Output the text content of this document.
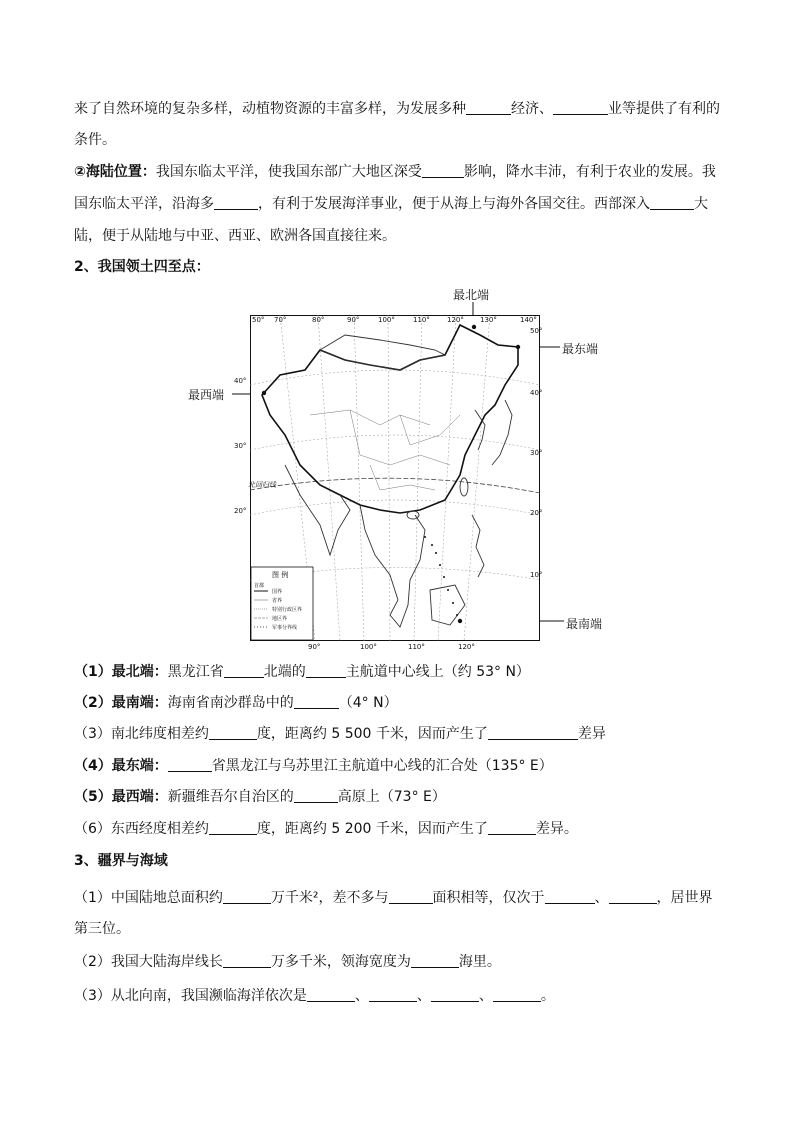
来了自然环境的复杂多样，动植物资源的丰富多样，为发展多种	经济、	业等提供了有利的
条件。
②海陆位置：我国东临太平洋，使我国东部广大地区深受	影响，降水丰沛，有利于农业的发展。我
国东临太平洋，沿海多	，有利于发展海洋事业，便于从海上与海外各国交往。西部深入	大
陆，便于从陆地与中亚、西亚、欧洲各国直接往来。
2、我国领土四至点：
最北端
最东端
最西端
最南端
50° 70°	80°	90°	100°	110° 120° 130°	140°
90°	100°	110°	120°
40°
30°
20°
50°
40°
30°
20°
10°
北回归线
图 例
首都
国界
省界
特别行政区界
地区界
军事分界线
（1）最北端：黑龙江省	北端的	主航道中心线上（约 53° N）
（2）最南端：海南省南沙群岛中的	（4° N）
（3）南北纬度相差约	度，距离约 5 500 千米，因而产生了	差异
（4）最东端：	省黑龙江与乌苏里江主航道中心线的汇合处（135° E）
（5）最西端：新疆维吾尔自治区的	高原上（73° E）
（6）东西经度相差约	度，距离约 5 200 千米，因而产生了	差异。
3、疆界与海域
（1）中国陆地总面积约	万千米²，差不多与	面积相等，仅次于	、	，居世界
第三位。
（2）我国大陆海岸线长	万多千米，领海宽度为	海里。
（3）从北向南，我国濒临海洋依次是	、	、	、	。
